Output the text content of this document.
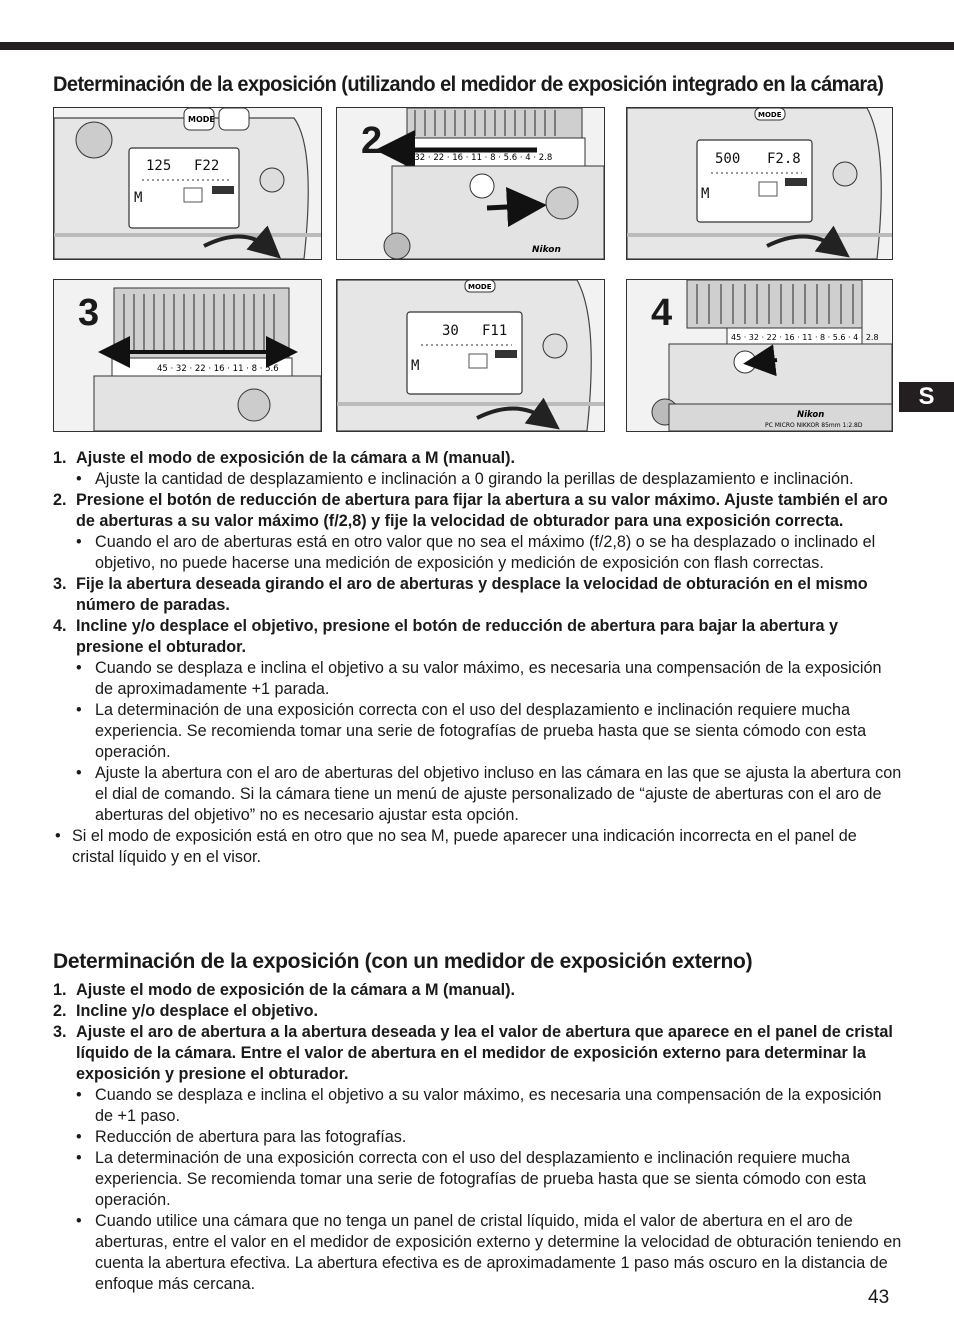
Determinación de la exposición (utilizando el medidor de exposición integrado en la cámara)
MODE
125 F22
M
· 32 · 22 · 16 · 11 · 8 · 5.6 · 4 · 2.8
Nikon
2
MODE
500 F2.8
M
45 · 32 · 22 · 16 · 11 · 8 · 5.6
3
MODE
30 F11
M
45 · 32 · 22 · 16 · 11 · 8 · 5.6 · 4 · 2.8
Nikon
PC MICRO NIKKOR 85mm 1:2.8D
4
S
1. Ajuste el modo de exposición de la cámara a M (manual).
• Ajuste la cantidad de desplazamiento e inclinación a 0 girando la perillas de desplazamiento e inclinación.
2. Presione el botón de reducción de abertura para fijar la abertura a su valor máximo. Ajuste también el aro de aberturas a su valor máximo (f/2,8) y fije la velocidad de obturador para una exposición correcta.
• Cuando el aro de aberturas está en otro valor que no sea el máximo (f/2,8) o se ha desplazado o inclinado el objetivo, no puede hacerse una medición de exposición y medición de exposición con flash correctas.
3. Fije la abertura deseada girando el aro de aberturas y desplace la velocidad de obturación en el mismo número de paradas.
4. Incline y/o desplace el objetivo, presione el botón de reducción de abertura para bajar la abertura y presione el obturador.
• Cuando se desplaza e inclina el objetivo a su valor máximo, es necesaria una compensación de la exposición de aproximadamente +1 parada.
• La determinación de una exposición correcta con el uso del desplazamiento e inclinación requiere mucha experiencia. Se recomienda tomar una serie de fotografías de prueba hasta que se sienta cómodo con esta operación.
• Ajuste la abertura con el aro de aberturas del objetivo incluso en las cámara en las que se ajusta la abertura con el dial de comando. Si la cámara tiene un menú de ajuste personalizado de “ajuste de aberturas con el aro de aberturas del objetivo” no es necesario ajustar esta opción.
• Si el modo de exposición está en otro que no sea M, puede aparecer una indicación incorrecta en el panel de cristal líquido y en el visor.
Determinación de la exposición (con un medidor de exposición externo)
1. Ajuste el modo de exposición de la cámara a M (manual).
2. Incline y/o desplace el objetivo.
3. Ajuste el aro de abertura a la abertura deseada y lea el valor de abertura que aparece en el panel de cristal líquido de la cámara. Entre el valor de abertura en el medidor de exposición externo para determinar la exposición y presione el obturador.
• Cuando se desplaza e inclina el objetivo a su valor máximo, es necesaria una compensación de la exposición de +1 paso.
• Reducción de abertura para las fotografías.
• La determinación de una exposición correcta con el uso del desplazamiento e inclinación requiere mucha experiencia. Se recomienda tomar una serie de fotografías de prueba hasta que se sienta cómodo con esta operación.
• Cuando utilice una cámara que no tenga un panel de cristal líquido, mida el valor de abertura en el aro de aberturas, entre el valor en el medidor de exposición externo y determine la velocidad de obturación teniendo en cuenta la abertura efectiva. La abertura efectiva es de aproximadamente 1 paso más oscuro en la distancia de enfoque más cercana.
43
